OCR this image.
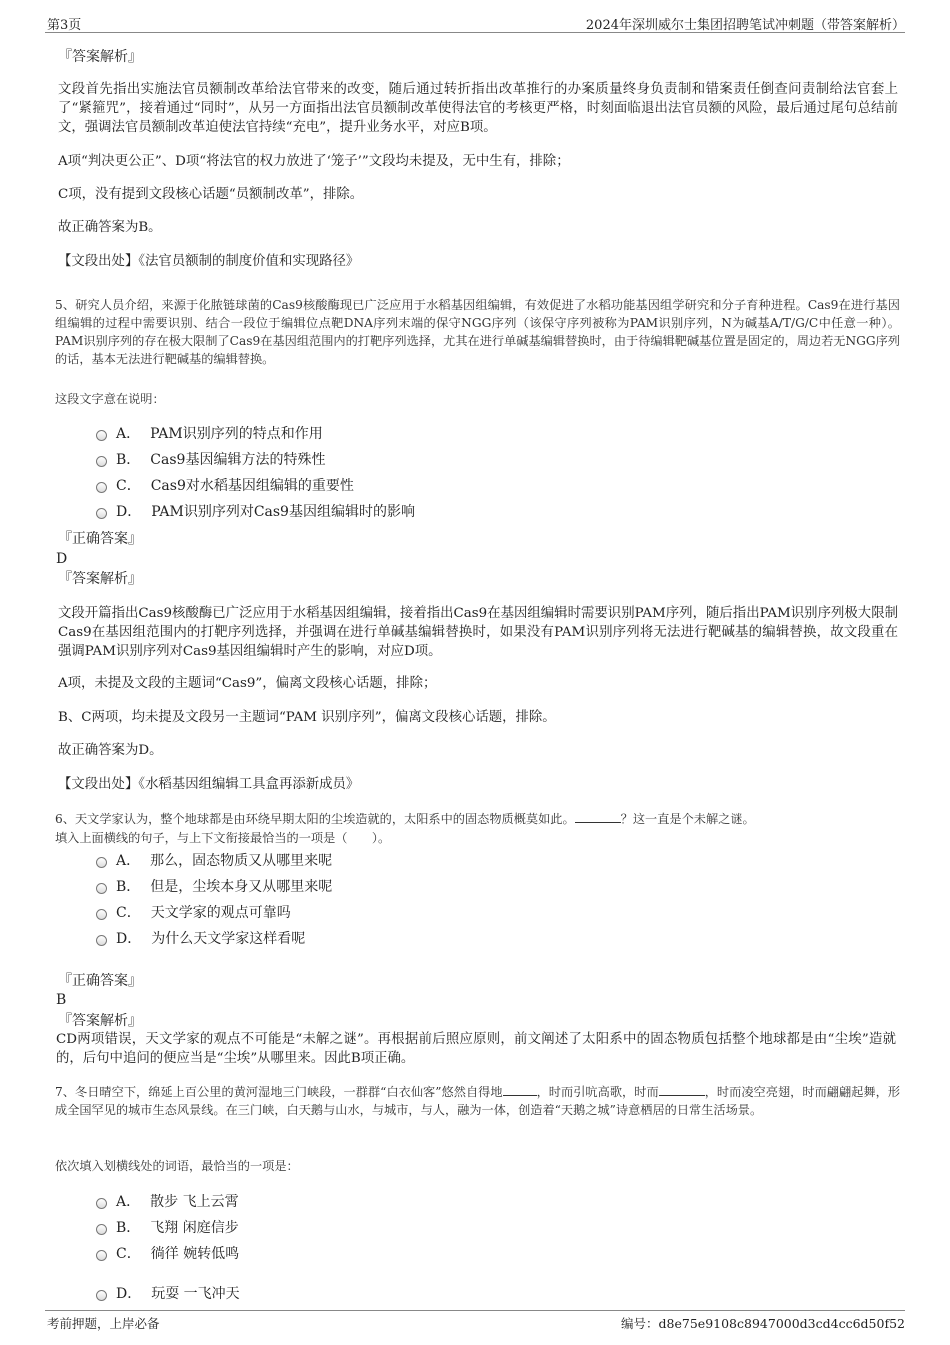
第3页	2024年深圳威尔士集团招聘笔试冲刺题（带答案解析）
『答案解析』
文段首先指出实施法官员额制改革给法官带来的改变，随后通过转折指出改革推行的办案质量终身负责制和错案责任倒查问责制给法官套上了“紧箍咒”，接着通过“同时”，从另一方面指出法官员额制改革使得法官的考核更严格，时刻面临退出法官员额的风险，最后通过尾句总结前文，强调法官员额制改革迫使法官持续“充电”，提升业务水平，对应B项。
A项“判决更公正”、D项“将法官的权力放进了‘笼子’”文段均未提及，无中生有，排除；
C项，没有提到文段核心话题“员额制改革”，排除。
故正确答案为B。
【文段出处】《法官员额制的制度价值和实现路径》
5、研究人员介绍，来源于化脓链球菌的Cas9核酸酶现已广泛应用于水稻基因组编辑，有效促进了水稻功能基因组学研究和分子育种进程。Cas9在进行基因组编辑的过程中需要识别、结合一段位于编辑位点靶DNA序列末端的保守NGG序列（该保守序列被称为PAM识别序列，N为碱基A/T/G/C中任意一种）。PAM识别序列的存在极大限制了Cas9在基因组范围内的打靶序列选择，尤其在进行单碱基编辑替换时，由于待编辑靶碱基位置是固定的，周边若无NGG序列的话，基本无法进行靶碱基的编辑替换。
这段文字意在说明：
A． PAM识别序列的特点和作用
B． Cas9基因编辑方法的特殊性
C． Cas9对水稻基因组编辑的重要性
D． PAM识别序列对Cas9基因组编辑时的影响
『正确答案』
D
『答案解析』
文段开篇指出Cas9核酸酶已广泛应用于水稻基因组编辑，接着指出Cas9在基因组编辑时需要识别PAM序列，随后指出PAM识别序列极大限制Cas9在基因组范围内的打靶序列选择，并强调在进行单碱基编辑替换时，如果没有PAM识别序列将无法进行靶碱基的编辑替换，故文段重在强调PAM识别序列对Cas9基因组编辑时产生的影响，对应D项。
A项，未提及文段的主题词“Cas9”，偏离文段核心话题，排除；
B、C两项，均未提及文段另一主题词“PAM 识别序列”，偏离文段核心话题，排除。
故正确答案为D。
【文段出处】《水稻基因组编辑工具盒再添新成员》
6、天文学家认为，整个地球都是由环绕早期太阳的尘埃造就的，太阳系中的固态物质概莫如此。	？这一直是个未解之谜。
填入上面横线的句子，与上下文衔接最恰当的一项是（　　）。
A． 那么，固态物质又从哪里来呢
B． 但是，尘埃本身又从哪里来呢
C． 天文学家的观点可靠吗
D． 为什么天文学家这样看呢
『正确答案』
B
『答案解析』
CD两项错误，天文学家的观点不可能是“未解之谜”。再根据前后照应原则，前文阐述了太阳系中的固态物质包括整个地球都是由“尘埃”造就的，后句中追问的便应当是“尘埃”从哪里来。因此B项正确。
7、冬日晴空下，绵延上百公里的黄河湿地三门峡段，一群群“白衣仙客”悠然自得地	，时而引吭高歌，时而	，时而凌空亮翅，时而翩翩起舞，形成全国罕见的城市生态风景线。在三门峡，白天鹅与山水，与城市，与人，融为一体，创造着“天鹅之城”诗意栖居的日常生活场景。
依次填入划横线处的词语，最恰当的一项是：
A． 散步 飞上云霄
B． 飞翔 闲庭信步
C． 徜徉 婉转低鸣
D． 玩耍 一飞冲天
考前押题，上岸必备	编号：d8e75e9108c8947000d3cd4cc6d50f52
